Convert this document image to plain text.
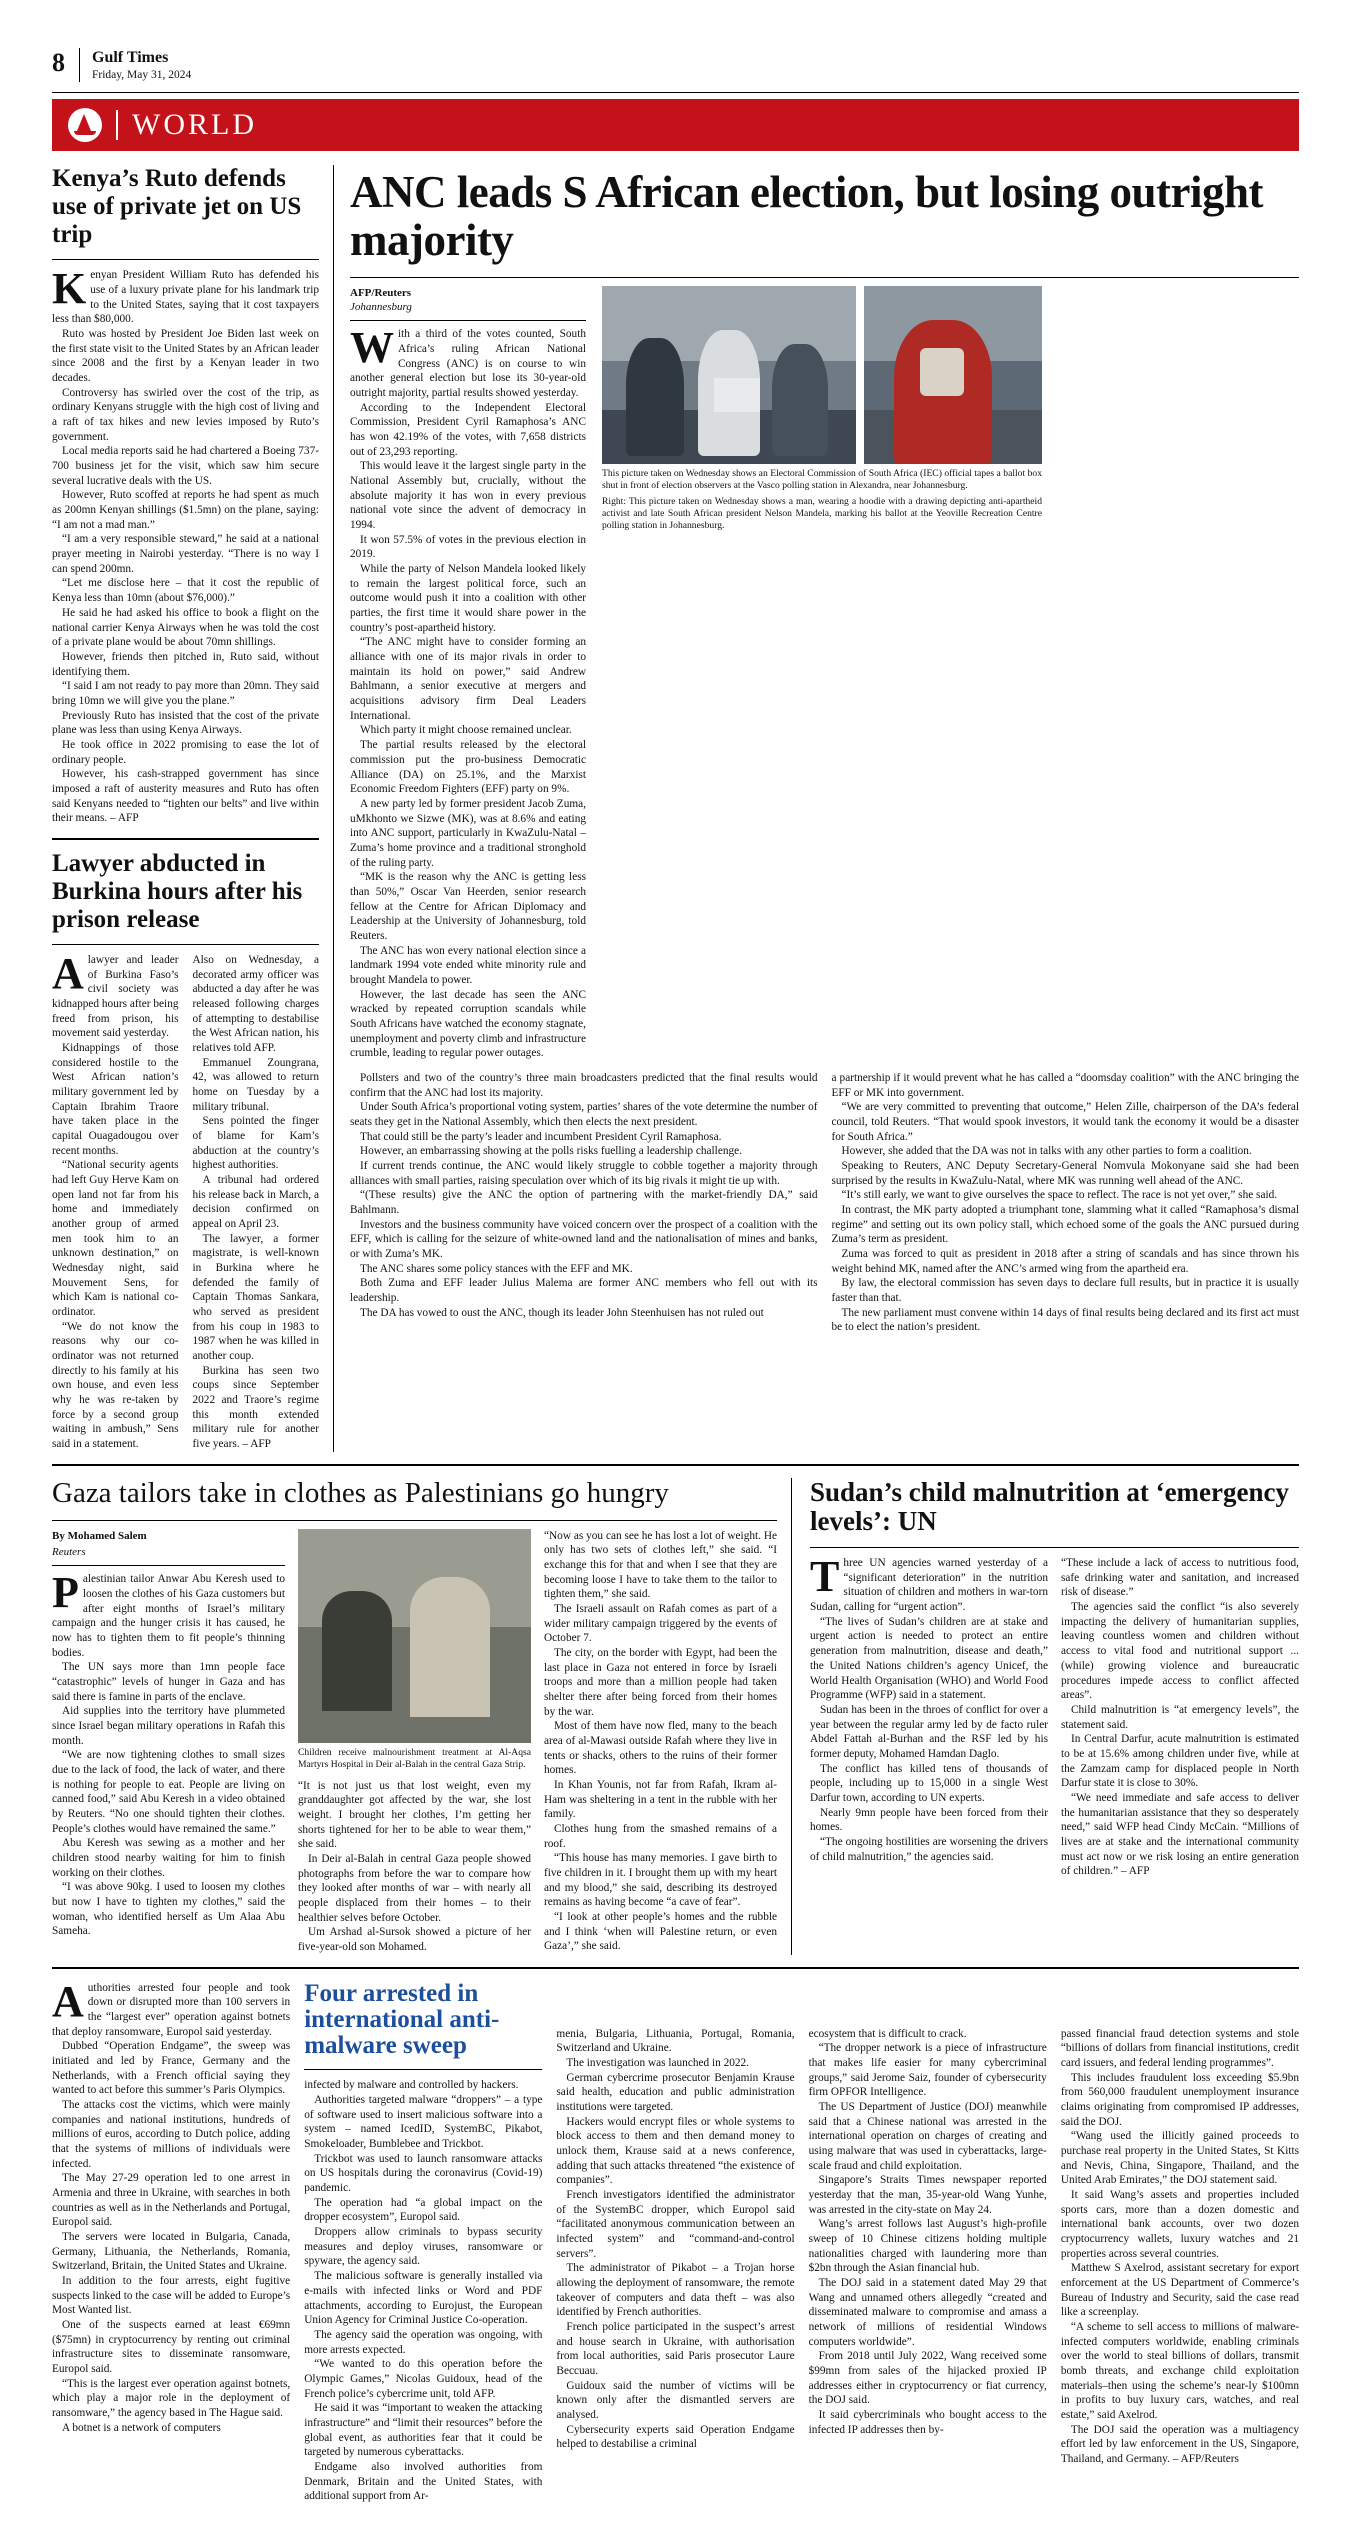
8 Gulf Times
Friday, May 31, 2024
WORLD
Kenya’s Ruto defends use of private jet on US trip

Kenyan President William Ruto has defended his use of a luxury private plane for his landmark trip to the United States, saying that it cost taxpayers less than $80,000.

Ruto was hosted by President Joe Biden last week on the first state visit to the United States by an African leader since 2008 and the first by a Kenyan leader in two decades.

Controversy has swirled over the cost of the trip, as ordinary Kenyans struggle with the high cost of living and a raft of tax hikes and new levies imposed by Ruto’s government.

Local media reports said he had chartered a Boeing 737-700 business jet for the visit, which saw him secure several lucrative deals with the US.

However, Ruto scoffed at reports he had spent as much as 200mn Kenyan shillings ($1.5mn) on the plane, saying: “I am not a mad man.”

“I am a very responsible steward,” he said at a national prayer meeting in Nairobi yesterday. “There is no way I can spend 200mn.

“Let me disclose here – that it cost the republic of Kenya less than 10mn (about $76,000).”

He said he had asked his office to book a flight on the national carrier Kenya Airways when he was told the cost of a private plane would be about 70mn shillings.

However, friends then pitched in, Ruto said, without identifying them.

“I said I am not ready to pay more than 20mn. They said bring 10mn we will give you the plane.”

Previously Ruto has insisted that the cost of the private plane was less than using Kenya Airways.

He took office in 2022 promising to ease the lot of ordinary people.

However, his cash-strapped government has since imposed a raft of austerity measures and Ruto has often said Kenyans needed to “tighten our belts” and live within their means. – AFP

Lawyer abducted in Burkina hours after his prison release

Alawyer and leader of Burkina Faso’s civil society was kidnapped hours after being freed from prison, his movement said yesterday.

Kidnappings of those considered hostile to the West African nation’s military government led by Captain Ibrahim Traore have taken place in the capital Ouagadougou over recent months.

“National security agents had left Guy Herve Kam on open land not far from his home and immediately another group of armed men took him to an unknown destination,” on Wednesday night, said Mouvement Sens, for which Kam is national co-ordinator.

“We do not know the reasons why our co-ordinator was not returned directly to his family at his own house, and even less why he was re-taken by force by a second group waiting in ambush,” Sens said in a statement.

Also on Wednesday, a decorated army officer was abducted a day after he was released following charges of attempting to destabilise the West African nation, his relatives told AFP.

Emmanuel Zoungrana, 42, was allowed to return home on Tuesday by a military tribunal.

Sens pointed the finger of blame for Kam’s abduction at the country’s highest authorities.

A tribunal had ordered his release back in March, a decision confirmed on appeal on April 23.

The lawyer, a former magistrate, is well-known in Burkina where he defended the family of Captain Thomas Sankara, who served as president from his coup in 1983 to 1987 when he was killed in another coup.

Burkina has seen two coups since September 2022 and Traore’s regime this month extended military rule for another five years. – AFP

ANC leads S African election, but losing outright majority
AFP/Reuters
Johannesburg

With a third of the votes counted, South Africa’s ruling African National Congress (ANC) is on course to win another general election but lose its 30-year-old outright majority, partial results showed yesterday.

According to the Independent Electoral Commission, President Cyril Ramaphosa’s ANC has won 42.19% of the votes, with 7,658 districts out of 23,293 reporting.

This would leave it the largest single party in the National Assembly but, crucially, without the absolute majority it has won in every previous national vote since the advent of democracy in 1994.

It won 57.5% of votes in the previous election in 2019.

While the party of Nelson Mandela looked likely to remain the largest political force, such an outcome would push it into a coalition with other parties, the first time it would share power in the country’s post-apartheid history.

“The ANC might have to consider forming an alliance with one of its major rivals in order to maintain its hold on power,” said Andrew Bahlmann, a senior executive at mergers and acquisitions advisory firm Deal Leaders International.

Which party it might choose remained unclear.

The partial results released by the electoral commission put the pro-business Democratic Alliance (DA) on 25.1%, and the Marxist Economic Freedom Fighters (EFF) party on 9%.

A new party led by former president Jacob Zuma, uMkhonto we Sizwe (MK), was at 8.6% and eating into ANC support, particularly in KwaZulu-Natal – Zuma’s home province and a traditional stronghold of the ruling party.

“MK is the reason why the ANC is getting less than 50%,” Oscar Van Heerden, senior research fellow at the Centre for African Diplomacy and Leadership at the University of Johannesburg, told Reuters.

The ANC has won every national election since a landmark 1994 vote ended white minority rule and brought Mandela to power.

However, the last decade has seen the ANC wracked by repeated corruption scandals while South Africans have watched the economy stagnate, unemployment and poverty climb and infrastructure crumble, leading to regular power outages.

This picture taken on Wednesday shows an Electoral Commission of South Africa (IEC) official tapes a ballot box shut in front of election observers at the Vasco polling station in Alexandra, near Johannesburg.
Right: This picture taken on Wednesday shows a man, wearing a hoodie with a drawing depicting anti-apartheid activist and late South African president Nelson Mandela, marking his ballot at the Yeoville Recreation Centre polling station in Johannesburg.

Pollsters and two of the country’s three main broadcasters predicted that the final results would confirm that the ANC had lost its majority.

Under South Africa’s proportional voting system, parties’ shares of the vote determine the number of seats they get in the National Assembly, which then elects the next president.

That could still be the party’s leader and incumbent President Cyril Ramaphosa.

However, an embarrassing showing at the polls risks fuelling a leadership challenge.

If current trends continue, the ANC would likely struggle to cobble together a majority through alliances with small parties, raising speculation over which of its big rivals it might tie up with.

“(These results) give the ANC the option of partnering with the market-friendly DA,” said Bahlmann.

Investors and the business community have voiced concern over the prospect of a coalition with the EFF, which is calling for the seizure of white-owned land and the nationalisation of mines and banks, or with Zuma’s MK.

The ANC shares some policy stances with the EFF and MK.

Both Zuma and EFF leader Julius Malema are former ANC members who fell out with its leadership.

The DA has vowed to oust the ANC, though its leader John Steenhuisen has not ruled out

a partnership if it would prevent what he has called a “doomsday coalition” with the ANC bringing the EFF or MK into government.

“We are very committed to preventing that outcome,” Helen Zille, chairperson of the DA’s federal council, told Reuters. “That would spook investors, it would tank the economy it would be a disaster for South Africa.”

However, she added that the DA was not in talks with any other parties to form a coalition.

Speaking to Reuters, ANC Deputy Secretary-General Nomvula Mokonyane said she had been surprised by the results in KwaZulu-Natal, where MK was running well ahead of the ANC.

“It’s still early, we want to give ourselves the space to reflect. The race is not yet over,” she said.

In contrast, the MK party adopted a triumphant tone, slamming what it called “Ramaphosa’s dismal regime” and setting out its own policy stall, which echoed some of the goals the ANC pursued during Zuma’s term as president.

Zuma was forced to quit as president in 2018 after a string of scandals and has since thrown his weight behind MK, named after the ANC’s armed wing from the apartheid era.

By law, the electoral commission has seven days to declare full results, but in practice it is usually faster than that.

The new parliament must convene within 14 days of final results being declared and its first act must be to elect the nation’s president.

Gaza tailors take in clothes as Palestinians go hungry
By Mohamed Salem
Reuters

Palestinian tailor Anwar Abu Keresh used to loosen the clothes of his Gaza customers but after eight months of Israel’s military campaign and the hunger crisis it has caused, he now has to tighten them to fit people’s thinning bodies.

The UN says more than 1mn people face “catastrophic” levels of hunger in Gaza and has said there is famine in parts of the enclave.

Aid supplies into the territory have plummeted since Israel began military operations in Rafah this month.

“We are now tightening clothes to small sizes due to the lack of food, the lack of water, and there is nothing for people to eat. People are living on canned food,” said Abu Keresh in a video obtained by Reuters. “No one should tighten their clothes. People’s clothes would have remained the same.”

Abu Keresh was sewing as a mother and her children stood nearby waiting for him to finish working on their clothes.

“I was above 90kg. I used to loosen my clothes but now I have to tighten my clothes,” said the woman, who identified herself as Um Alaa Abu Sameha.

Children receive malnourishment treatment at Al-Aqsa Martyrs Hospital in Deir al-Balah in the central Gaza Strip.

“It is not just us that lost weight, even my granddaughter got affected by the war, she lost weight. I brought her clothes, I’m getting her shorts tightened for her to be able to wear them,” she said.

In Deir al-Balah in central Gaza people showed photographs from before the war to compare how they looked after months of war – with nearly all people displaced from their homes – to their healthier selves before October.

Um Arshad al-Sursok showed a picture of her five-year-old son Mohamed.

“Now as you can see he has lost a lot of weight. He only has two sets of clothes left,” she said. “I exchange this for that and when I see that they are becoming loose I have to take them to the tailor to tighten them,” she said.

The Israeli assault on Rafah comes as part of a wider military campaign triggered by the events of October 7.

The city, on the border with Egypt, had been the last place in Gaza not entered in force by Israeli troops and more than a million people had taken shelter there after being forced from their homes by the war.

Most of them have now fled, many to the beach area of al-Mawasi outside Rafah where they live in tents or shacks, others to the ruins of their former homes.

In Khan Younis, not far from Rafah, Ikram al-Ham was sheltering in a tent in the rubble with her family.

Clothes hung from the smashed remains of a roof.

“This house has many memories. I gave birth to five children in it. I brought them up with my heart and my blood,” she said, describing its destroyed remains as having become “a cave of fear”.

“I look at other people’s homes and the rubble and I think ‘when will Palestine return, or even Gaza’,” she said.

Sudan’s child malnutrition at ‘emergency levels’: UN

Three UN agencies warned yesterday of a “significant deterioration” in the nutrition situation of children and mothers in war-torn Sudan, calling for “urgent action”.

“The lives of Sudan’s children are at stake and urgent action is needed to protect an entire generation from malnutrition, disease and death,” the United Nations children’s agency Unicef, the World Health Organisation (WHO) and World Food Programme (WFP) said in a statement.

Sudan has been in the throes of conflict for over a year between the regular army led by de facto ruler Abdel Fattah al-Burhan and the RSF led by his former deputy, Mohamed Hamdan Daglo.

The conflict has killed tens of thousands of people, including up to 15,000 in a single West Darfur town, according to UN experts.

Nearly 9mn people have been forced from their homes.

“The ongoing hostilities are worsening the drivers of child malnutrition,” the agencies said.

“These include a lack of access to nutritious food, safe drinking water and sanitation, and increased risk of disease.”

The agencies said the conflict “is also severely impacting the delivery of humanitarian supplies, leaving countless women and children without access to vital food and nutritional support ... (while) growing violence and bureaucratic procedures impede access to conflict affected areas”.

Child malnutrition is “at emergency levels”, the statement said.

In Central Darfur, acute malnutrition is estimated to be at 15.6% among children under five, while at the Zamzam camp for displaced people in North Darfur state it is close to 30%.

“We need immediate and safe access to deliver the humanitarian assistance that they so desperately need,” said WFP head Cindy McCain. “Millions of lives are at stake and the international community must act now or we risk losing an entire generation of children.” – AFP

Authorities arrested four people and took down or disrupted more than 100 servers in the “largest ever” operation against botnets that deploy ransomware, Europol said yesterday.

Dubbed “Operation Endgame”, the sweep was initiated and led by France, Germany and the Netherlands, with a French official saying they wanted to act before this summer’s Paris Olympics.

The attacks cost the victims, which were mainly companies and national institutions, hundreds of millions of euros, according to Dutch police, adding that the systems of millions of individuals were infected.

The May 27-29 operation led to one arrest in Armenia and three in Ukraine, with searches in both countries as well as in the Netherlands and Portugal, Europol said.

The servers were located in Bulgaria, Canada, Germany, Lithuania, the Netherlands, Romania, Switzerland, Britain, the United States and Ukraine.

In addition to the four arrests, eight fugitive suspects linked to the case will be added to Europe’s Most Wanted list.

One of the suspects earned at least €69mn ($75mn) in cryptocurrency by renting out criminal infrastructure sites to disseminate ransomware, Europol said.

“This is the largest ever operation against botnets, which play a major role in the deployment of ransomware,” the agency based in The Hague said.

A botnet is a network of computers

Four arrested in international anti-malware sweep

infected by malware and controlled by hackers.

Authorities targeted malware “droppers” – a type of software used to insert malicious software into a system – named IcedID, SystemBC, Pikabot, Smokeloader, Bumblebee and Trickbot.

Trickbot was used to launch ransomware attacks on US hospitals during the coronavirus (Covid-19) pandemic.

The operation had “a global impact on the dropper ecosystem”, Europol said.

Droppers allow criminals to bypass security measures and deploy viruses, ransomware or spyware, the agency said.

The malicious software is generally installed via e-mails with infected links or Word and PDF attachments, according to Eurojust, the European Union Agency for Criminal Justice Co-operation.

The agency said the operation was ongoing, with more arrests expected.

“We wanted to do this operation before the Olympic Games,” Nicolas Guidoux, head of the French police’s cybercrime unit, told AFP.

He said it was “important to weaken the attacking infrastructure” and “limit their resources” before the global event, as authorities fear that it could be targeted by numerous cyberattacks.

Endgame also involved authorities from Denmark, Britain and the United States, with additional support from Ar-

menia, Bulgaria, Lithuania, Portugal, Romania, Switzerland and Ukraine.

The investigation was launched in 2022.

German cybercrime prosecutor Benjamin Krause said health, education and public administration institutions were targeted.

Hackers would encrypt files or whole systems to block access to them and then demand money to unlock them, Krause said at a news conference, adding that such attacks threatened “the existence of companies”.

French investigators identified the administrator of the SystemBC dropper, which Europol said “facilitated anonymous communication between an infected system” and “command-and-control servers”.

The administrator of Pikabot – a Trojan horse allowing the deployment of ransomware, the remote takeover of computers and data theft – was also identified by French authorities.

French police participated in the suspect’s arrest and house search in Ukraine, with authorisation from local authorities, said Paris prosecutor Laure Beccuau.

Guidoux said the number of victims will be known only after the dismantled servers are analysed.

Cybersecurity experts said Operation Endgame helped to destabilise a criminal

ecosystem that is difficult to crack.

“The dropper network is a piece of infrastructure that makes life easier for many cybercriminal groups,” said Jerome Saiz, founder of cybersecurity firm OPFOR Intelligence.

The US Department of Justice (DOJ) meanwhile said that a Chinese national was arrested in the international operation on charges of creating and using malware that was used in cyberattacks, large-scale fraud and child exploitation.

Singapore’s Straits Times newspaper reported yesterday that the man, 35-year-old Wang Yunhe, was arrested in the city-state on May 24.

Wang’s arrest follows last August’s high-profile sweep of 10 Chinese citizens holding multiple nationalities charged with laundering more than $2bn through the Asian financial hub.

The DOJ said in a statement dated May 29 that Wang and unnamed others allegedly “created and disseminated malware to compromise and amass a network of millions of residential Windows computers worldwide”.

From 2018 until July 2022, Wang received some $99mn from sales of the hijacked proxied IP addresses either in cryptocurrency or fiat currency, the DOJ said.

It said cybercriminals who bought access to the infected IP addresses then by-

passed financial fraud detection systems and stole “billions of dollars from financial institutions, credit card issuers, and federal lending programmes”.

This includes fraudulent loss exceeding $5.9bn from 560,000 fraudulent unemployment insurance claims originating from compromised IP addresses, said the DOJ.

“Wang used the illicitly gained proceeds to purchase real property in the United States, St Kitts and Nevis, China, Singapore, Thailand, and the United Arab Emirates,” the DOJ statement said.

It said Wang’s assets and properties included sports cars, more than a dozen domestic and international bank accounts, over two dozen cryptocurrency wallets, luxury watches and 21 properties across several countries.

Matthew S Axelrod, assistant secretary for export enforcement at the US Department of Commerce’s Bureau of Industry and Security, said the case read like a screenplay.

“A scheme to sell access to millions of malware-infected computers worldwide, enabling criminals over the world to steal billions of dollars, transmit bomb threats, and exchange child exploitation materials–then using the scheme’s near-ly $100mn in profits to buy luxury cars, watches, and real estate,” said Axelrod.

The DOJ said the operation was a multiagency effort led by law enforcement in the US, Singapore, Thailand, and Germany. – AFP/Reuters
